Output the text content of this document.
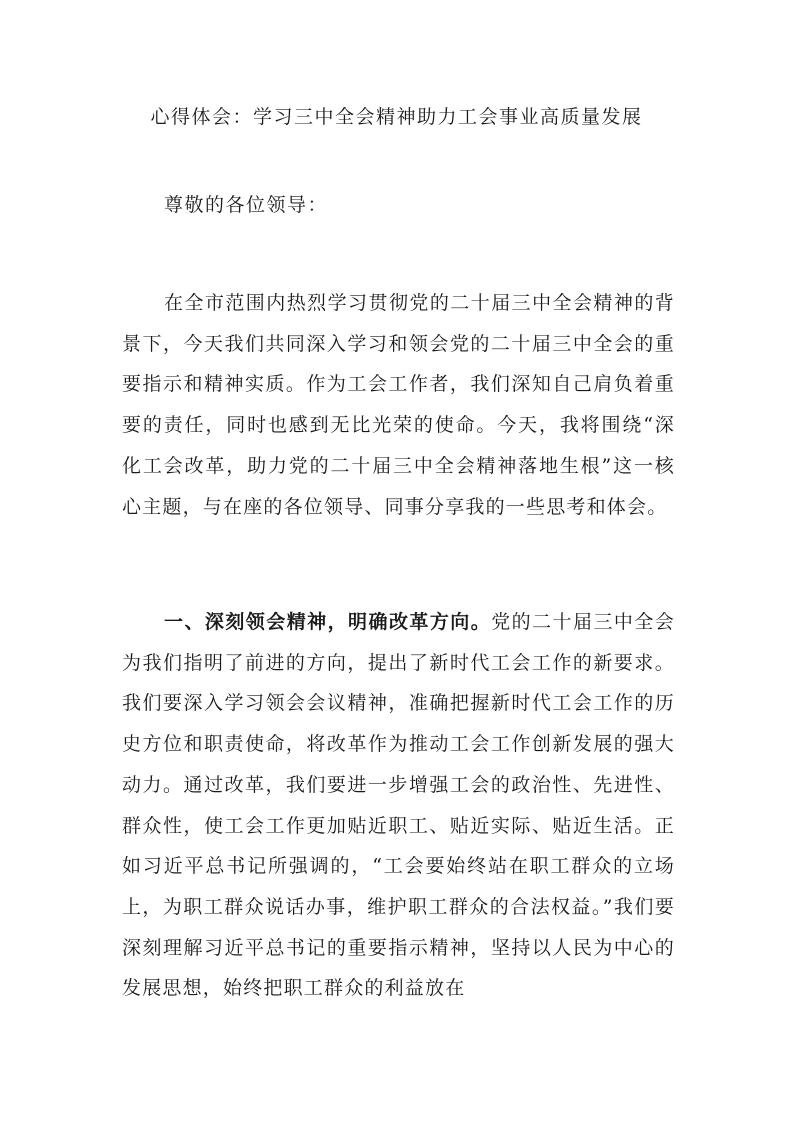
心得体会：学习三中全会精神助力工会事业高质量发展

尊敬的各位领导：

在全市范围内热烈学习贯彻党的二十届三中全会精神的背景下，今天我们共同深入学习和领会党的二十届三中全会的重要指示和精神实质。作为工会工作者，我们深知自己肩负着重要的责任，同时也感到无比光荣的使命。今天，我将围绕“深化工会改革，助力党的二十届三中全会精神落地生根”这一核心主题，与在座的各位领导、同事分享我的一些思考和体会。

一、深刻领会精神，明确改革方向。党的二十届三中全会为我们指明了前进的方向，提出了新时代工会工作的新要求。我们要深入学习领会会议精神，准确把握新时代工会工作的历史方位和职责使命，将改革作为推动工会工作创新发展的强大动力。通过改革，我们要进一步增强工会的政治性、先进性、群众性，使工会工作更加贴近职工、贴近实际、贴近生活。正如习近平总书记所强调的，“工会要始终站在职工群众的立场上，为职工群众说话办事，维护职工群众的合法权益。”我们要深刻理解习近平总书记的重要指示精神，坚持以人民为中心的发展思想，始终把职工群众的利益放在
